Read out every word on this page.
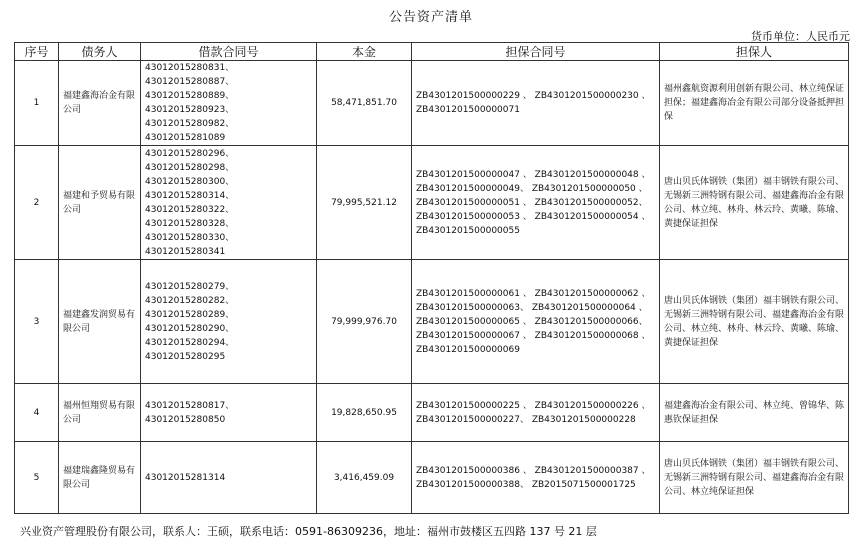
公告资产清单
货币单位：人民币元
序号	债务人	借款合同号	本金	担保合同号	担保人
1	福建鑫海冶金有限公司	43012015280831、43012015280887、43012015280889、43012015280923、43012015280982、43012015281089	58,471,851.70	ZB4301201500000229 、 ZB4301201500000230 、 ZB4301201500000071	福州鑫航资源利用创新有限公司、林立纯保证担保；福建鑫海冶金有限公司部分设备抵押担保
2	福建和予贸易有限公司	43012015280296、43012015280298、43012015280300、43012015280314、43012015280322、43012015280328、43012015280330、43012015280341	79,995,521.12	ZB4301201500000047 、 ZB4301201500000048 、 ZB4301201500000049、 ZB4301201500000050 、 ZB4301201500000051 、 ZB4301201500000052、 ZB4301201500000053 、 ZB4301201500000054 、 ZB4301201500000055	唐山贝氏体钢铁（集团）福丰钢铁有限公司、无锡新三洲特钢有限公司、福建鑫海冶金有限公司、林立纯、林舟、林云玲、黄曦、陈瑜、黄捷保证担保
3	福建鑫发润贸易有限公司	43012015280279、43012015280282、43012015280289、43012015280290、43012015280294、43012015280295	79,999,976.70	ZB4301201500000061 、 ZB4301201500000062 、 ZB4301201500000063、 ZB4301201500000064 、 ZB4301201500000065 、 ZB4301201500000066、 ZB4301201500000067 、 ZB4301201500000068 、 ZB4301201500000069	唐山贝氏体钢铁（集团）福丰钢铁有限公司、无锡新三洲特钢有限公司、福建鑫海冶金有限公司、林立纯、林舟、林云玲、黄曦、陈瑜、黄捷保证担保
4	福州恒翔贸易有限公司	43012015280817、43012015280850	19,828,650.95	ZB4301201500000225 、 ZB4301201500000226 、 ZB4301201500000227、 ZB4301201500000228	福建鑫海冶金有限公司、林立纯、曾锦华、陈惠钦保证担保
5	福建瑞鑫隆贸易有限公司	43012015281314	3,416,459.09	ZB4301201500000386 、 ZB4301201500000387 、 ZB4301201500000388、 ZB2015071500001725	唐山贝氏体钢铁（集团）福丰钢铁有限公司、无锡新三洲特钢有限公司、福建鑫海冶金有限公司、林立纯保证担保
兴业资产管理股份有限公司，联系人：王硕，联系电话：0591-86309236，地址：福州市鼓楼区五四路 137 号 21 层
